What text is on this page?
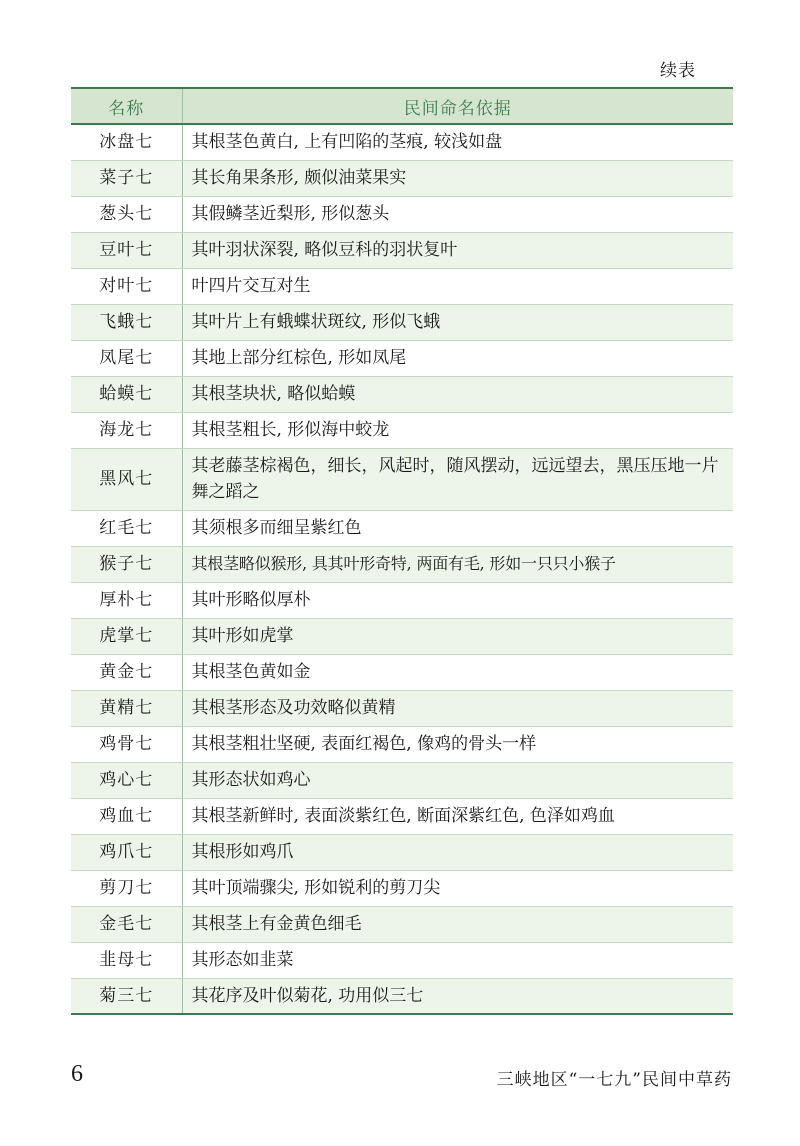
续表
名称	民间命名依据
冰盘七	其根茎色黄白, 上有凹陷的茎痕, 较浅如盘
菜子七	其长角果条形, 颇似油菜果实
葱头七	其假鳞茎近梨形, 形似葱头
豆叶七	其叶羽状深裂, 略似豆科的羽状复叶
对叶七	叶四片交互对生
飞蛾七	其叶片上有蛾蝶状斑纹, 形似飞蛾
凤尾七	其地上部分红棕色, 形如凤尾
蛤蟆七	其根茎块状, 略似蛤蟆
海龙七	其根茎粗长, 形似海中蛟龙
黑风七	其老藤茎棕褐色，细长，风起时，随风摆动，远远望去，黑压压地一片舞之蹈之
红毛七	其须根多而细呈紫红色
猴子七	其根茎略似猴形, 具其叶形奇特, 两面有毛, 形如一只只小猴子
厚朴七	其叶形略似厚朴
虎掌七	其叶形如虎掌
黄金七	其根茎色黄如金
黄精七	其根茎形态及功效略似黄精
鸡骨七	其根茎粗壮坚硬, 表面红褐色, 像鸡的骨头一样
鸡心七	其形态状如鸡心
鸡血七	其根茎新鲜时, 表面淡紫红色, 断面深紫红色, 色泽如鸡血
鸡爪七	其根形如鸡爪
剪刀七	其叶顶端骤尖, 形如锐利的剪刀尖
金毛七	其根茎上有金黄色细毛
韭母七	其形态如韭菜
菊三七	其花序及叶似菊花, 功用似三七
6	三峡地区“一七九”民间中草药
